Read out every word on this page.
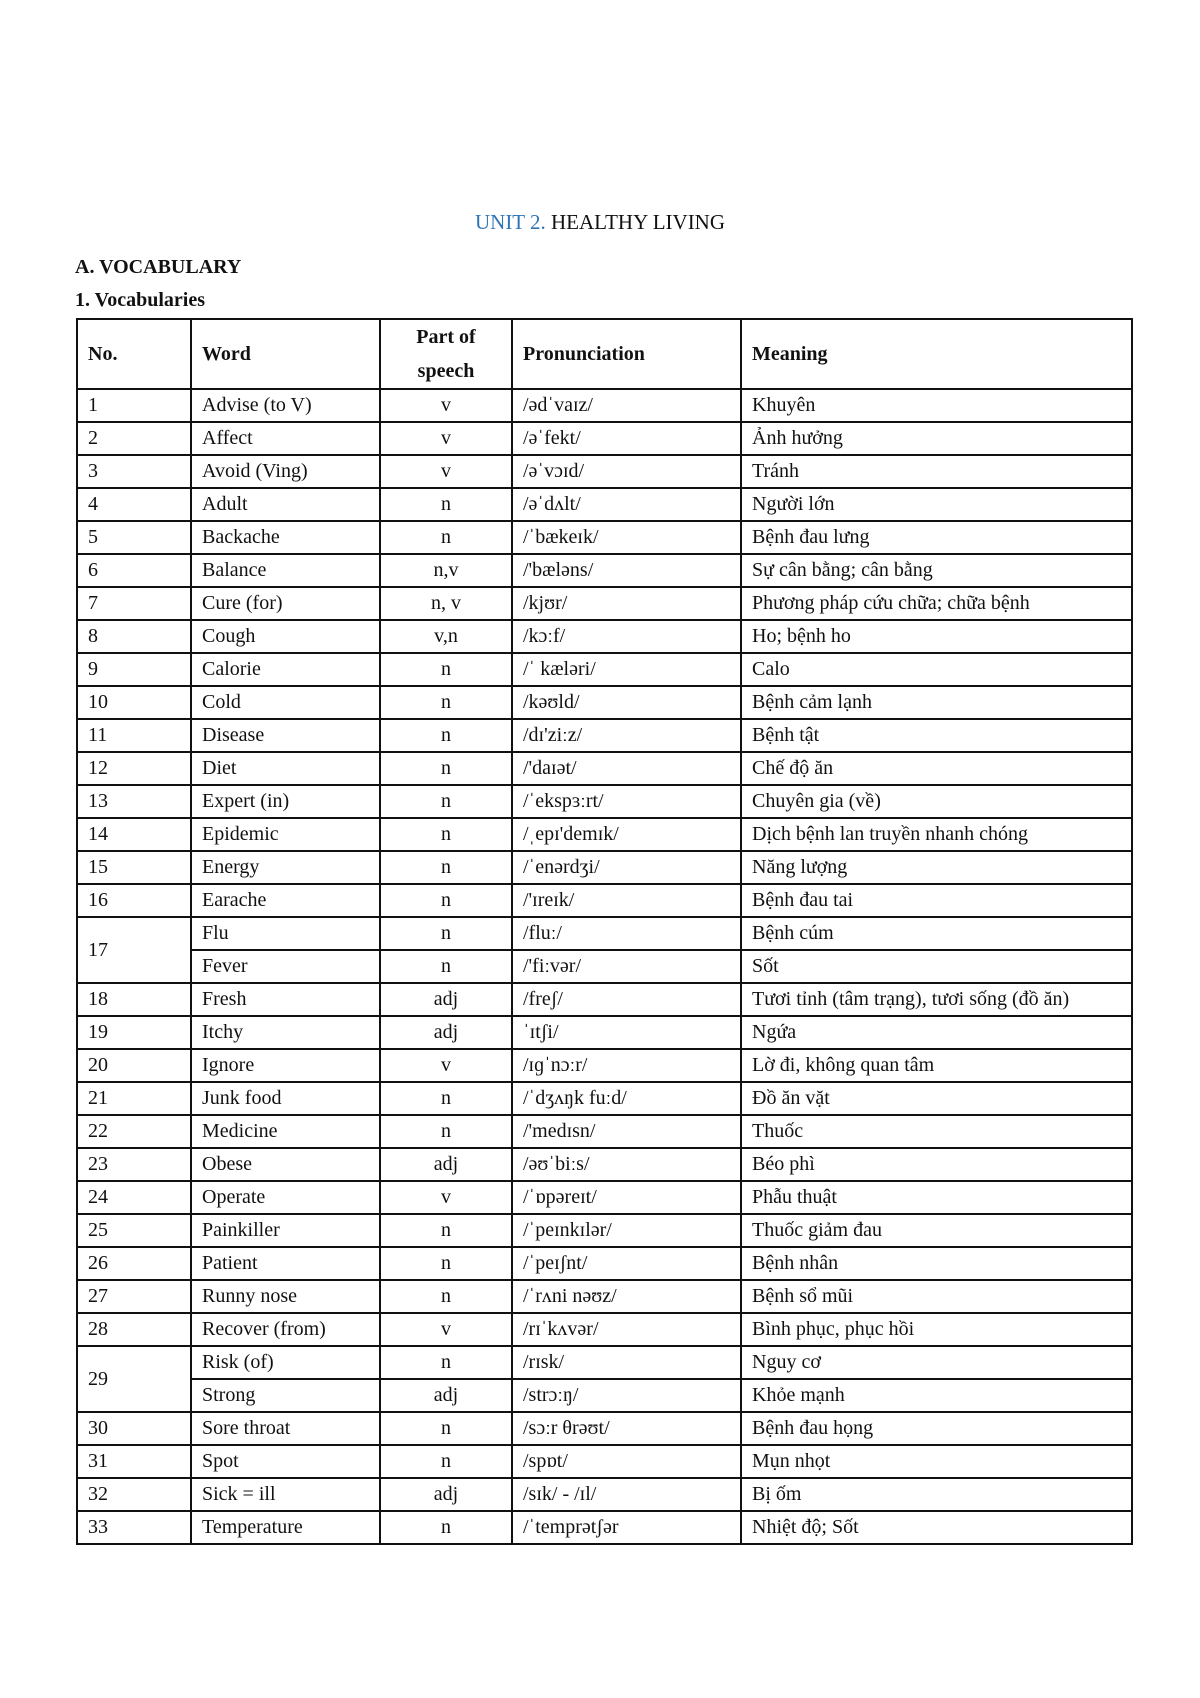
UNIT 2. HEALTHY LIVING
A. VOCABULARY
1. Vocabularies
No.	Word	Part of speech	Pronunciation	Meaning
1	Advise (to V)	v	/ədˈvaɪz/	Khuyên
2	Affect	v	/əˈfekt/	Ảnh hưởng
3	Avoid (Ving)	v	/əˈvɔɪd/	Tránh
4	Adult	n	/əˈdʌlt/	Người lớn
5	Backache	n	/ˈbækeɪk/	Bệnh đau lưng
6	Balance	n,v	/'bæləns/	Sự cân bằng; cân bằng
7	Cure (for)	n, v	/kjʊr/	Phương pháp cứu chữa; chữa bệnh
8	Cough	v,n	/kɔːf/	Ho; bệnh ho
9	Calorie	n	/ˈ kæləri/	Calo
10	Cold	n	/kəʊld/	Bệnh cảm lạnh
11	Disease	n	/dɪ'ziːz/	Bệnh tật
12	Diet	n	/'daɪət/	Chế độ ăn
13	Expert (in)	n	/ˈekspɜːrt/	Chuyên gia (về)
14	Epidemic	n	/ˌepɪ'demɪk/	Dịch bệnh lan truyền nhanh chóng
15	Energy	n	/ˈenərdʒi/	Năng lượng
16	Earache	n	/'ɪreɪk/	Bệnh đau tai
17	Flu	n	/fluː/	Bệnh cúm
	Fever	n	/'fiːvər/	Sốt
18	Fresh	adj	/freʃ/	Tươi tỉnh (tâm trạng), tươi sống (đồ ăn)
19	Itchy	adj	ˈɪtʃi/	Ngứa
20	Ignore	v	/ɪɡˈnɔːr/	Lờ đi, không quan tâm
21	Junk food	n	/ˈdʒʌŋk fuːd/	Đồ ăn vặt
22	Medicine	n	/'medɪsn/	Thuốc
23	Obese	adj	/əʊˈbiːs/	Béo phì
24	Operate	v	/ˈɒpəreɪt/	Phẫu thuật
25	Painkiller	n	/ˈpeɪnkɪlər/	Thuốc giảm đau
26	Patient	n	/ˈpeɪʃnt/	Bệnh nhân
27	Runny nose	n	/ˈrʌni nəʊz/	Bệnh sổ mũi
28	Recover (from)	v	/rɪˈkʌvər/	Bình phục, phục hồi
29	Risk (of)	n	/rɪsk/	Nguy cơ
	Strong	adj	/strɔːŋ/	Khỏe mạnh
30	Sore throat	n	/sɔːr θrəʊt/	Bệnh đau họng
31	Spot	n	/spɒt/	Mụn nhọt
32	Sick = ill	adj	/sɪk/ - /ɪl/	Bị ốm
33	Temperature	n	/ˈtemprətʃər	Nhiệt độ; Sốt
